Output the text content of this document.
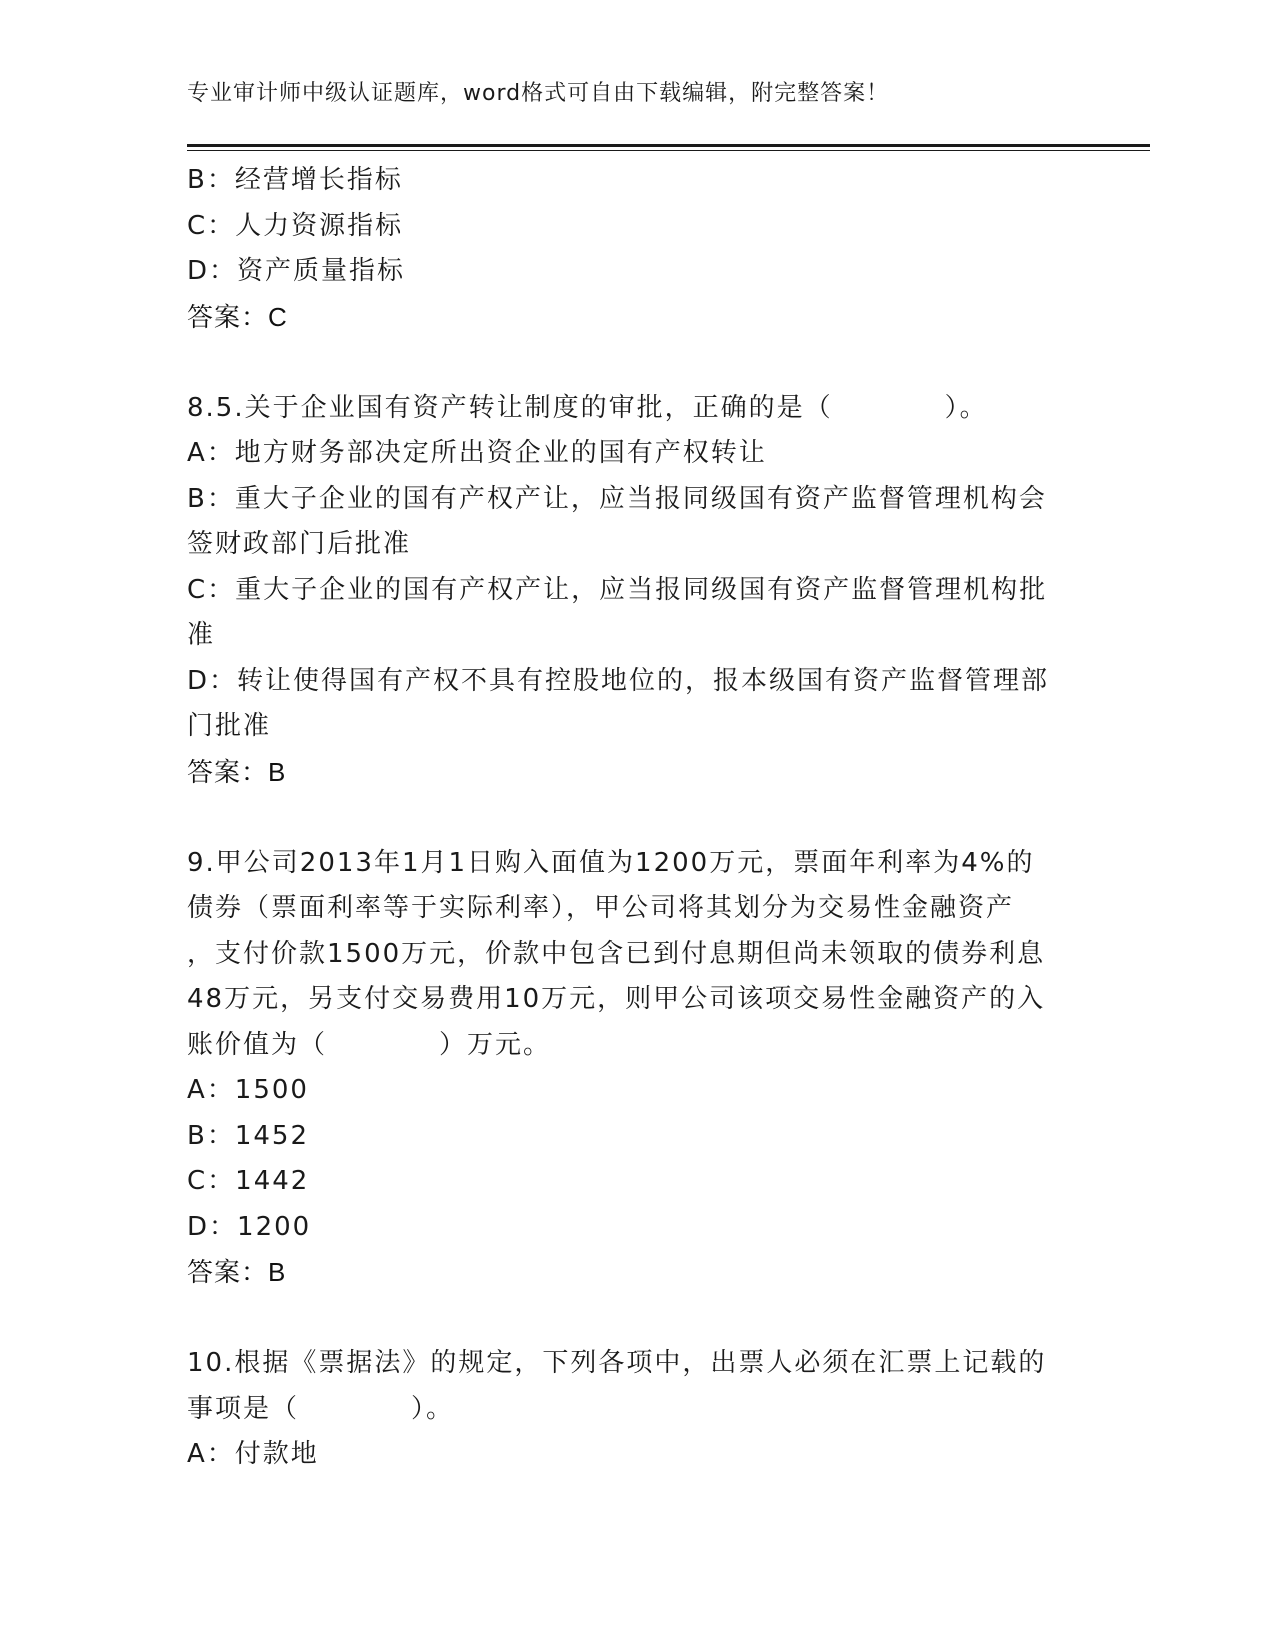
专业审计师中级认证题库，word格式可自由下载编辑，附完整答案！
B：经营增长指标
C：人力资源指标
D：资产质量指标
答案：C
8.5.关于企业国有资产转让制度的审批，正确的是（　　　　）。
A：地方财务部决定所出资企业的国有产权转让
B：重大子企业的国有产权产让，应当报同级国有资产监督管理机构会
签财政部门后批准
C：重大子企业的国有产权产让，应当报同级国有资产监督管理机构批
准
D：转让使得国有产权不具有控股地位的，报本级国有资产监督管理部
门批准
答案：B
9.甲公司2013年1月1日购入面值为1200万元，票面年利率为4%的
债券（票面利率等于实际利率），甲公司将其划分为交易性金融资产
，支付价款1500万元，价款中包含已到付息期但尚未领取的债券利息
48万元，另支付交易费用10万元，则甲公司该项交易性金融资产的入
账价值为（　　　　）万元。
A：1500
B：1452
C：1442
D：1200
答案：B
10.根据《票据法》的规定，下列各项中，出票人必须在汇票上记载的
事项是（　　　　）。
A：付款地
